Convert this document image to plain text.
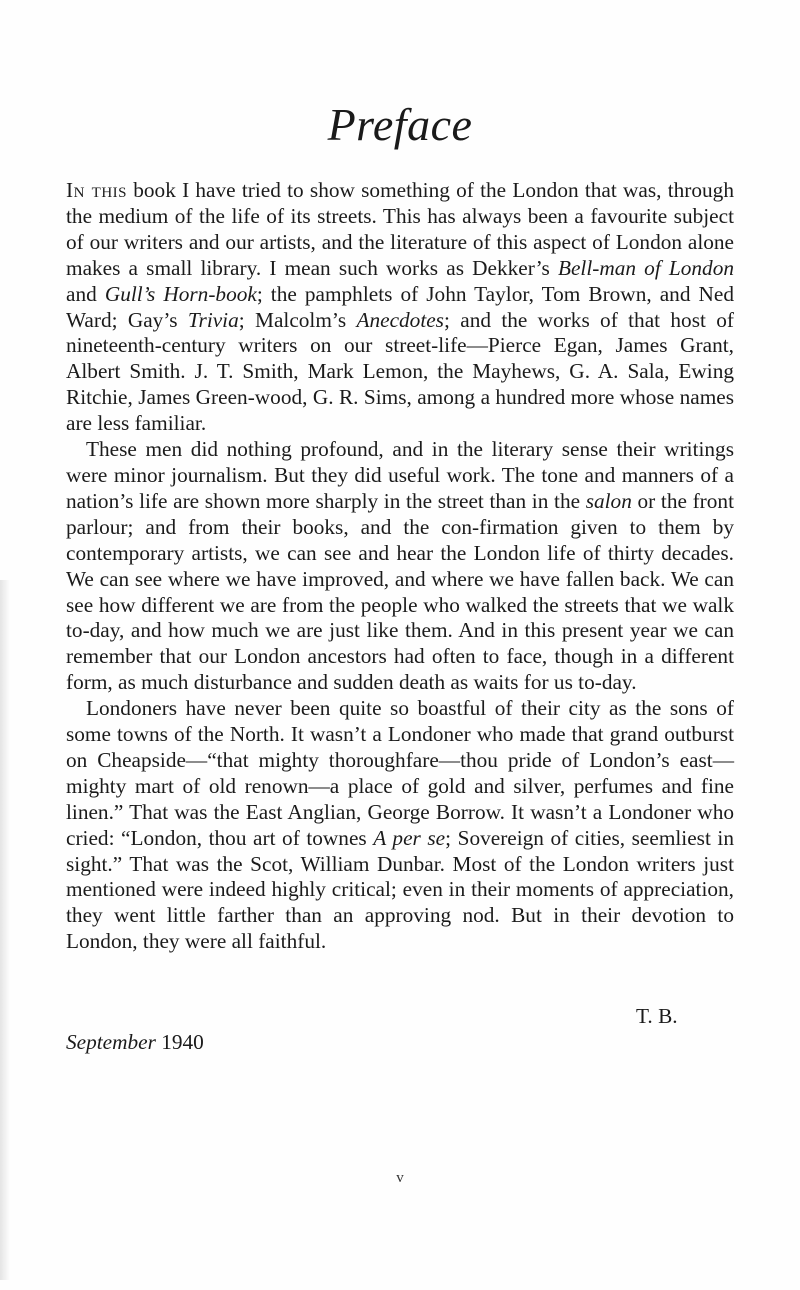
Preface

In this book I have tried to show something of the London that was, through the medium of the life of its streets. This has always been a favourite subject of our writers and our artists, and the literature of this aspect of London alone makes a small library. I mean such works as Dekker’s Bell-man of London and Gull’s Horn-book; the pamphlets of John Taylor, Tom Brown, and Ned Ward; Gay’s Trivia; Malcolm’s Anecdotes; and the works of that host of nineteenth-century writers on our street-life—Pierce Egan, James Grant, Albert Smith. J. T. Smith, Mark Lemon, the Mayhews, G. A. Sala, Ewing Ritchie, James Green-wood, G. R. Sims, among a hundred more whose names are less familiar.

These men did nothing profound, and in the literary sense their writings were minor journalism. But they did useful work. The tone and manners of a nation’s life are shown more sharply in the street than in the salon or the front parlour; and from their books, and the con-firmation given to them by contemporary artists, we can see and hear the London life of thirty decades. We can see where we have improved, and where we have fallen back. We can see how different we are from the people who walked the streets that we walk to-day, and how much we are just like them. And in this present year we can remember that our London ancestors had often to face, though in a different form, as much disturbance and sudden death as waits for us to-day.

Londoners have never been quite so boastful of their city as the sons of some towns of the North. It wasn’t a Londoner who made that grand outburst on Cheapside—“that mighty thoroughfare—thou pride of London’s east—mighty mart of old renown—a place of gold and silver, perfumes and fine linen.” That was the East Anglian, George Borrow. It wasn’t a Londoner who cried: “London, thou art of townes A per se; Sovereign of cities, seemliest in sight.” That was the Scot, William Dunbar. Most of the London writers just mentioned were indeed highly critical; even in their moments of appreciation, they went little farther than an approving nod. But in their devotion to London, they were all faithful.

T. B.
September 1940
v
